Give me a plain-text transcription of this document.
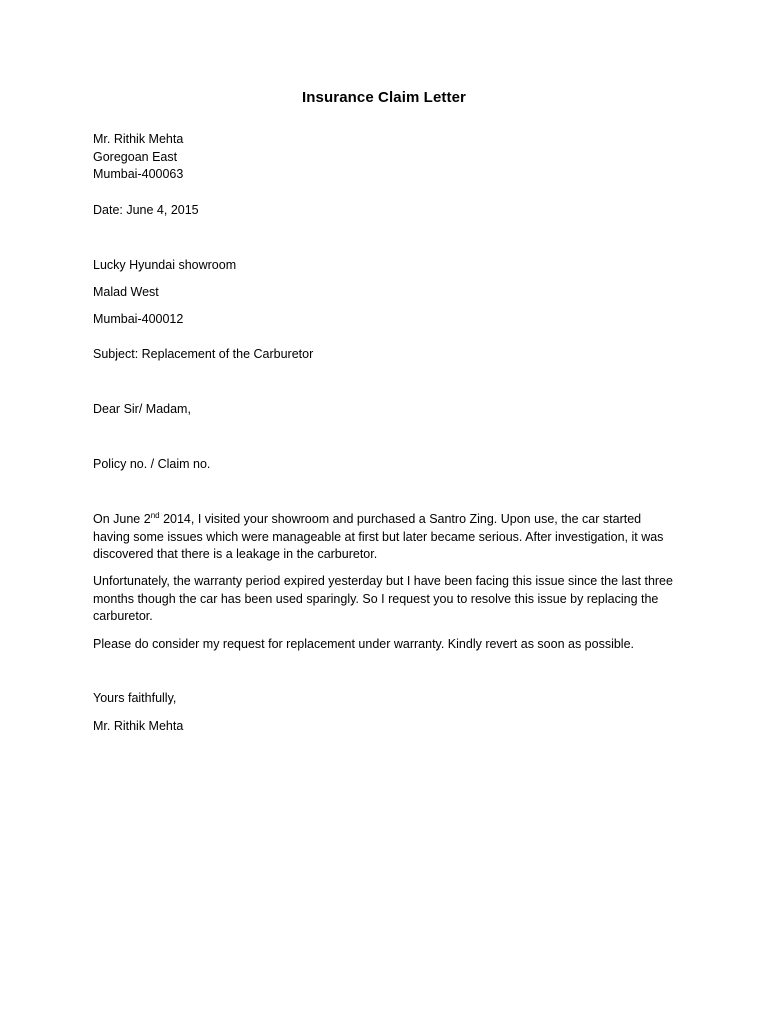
Insurance Claim Letter
Mr. Rithik Mehta
Goregoan East
Mumbai-400063
Date: June 4, 2015
Lucky Hyundai showroom
Malad West
Mumbai-400012
Subject: Replacement of the Carburetor
Dear Sir/ Madam,
Policy no. / Claim no.
On June 2nd 2014, I visited your showroom and purchased a Santro Zing. Upon use, the car started having some issues which were manageable at first but later became serious. After investigation, it was discovered that there is a leakage in the carburetor.
Unfortunately, the warranty period expired yesterday but I have been facing this issue since the last three months though the car has been used sparingly. So I request you to resolve this issue by replacing the carburetor.
Please do consider my request for replacement under warranty. Kindly revert as soon as possible.
Yours faithfully,
Mr. Rithik Mehta
